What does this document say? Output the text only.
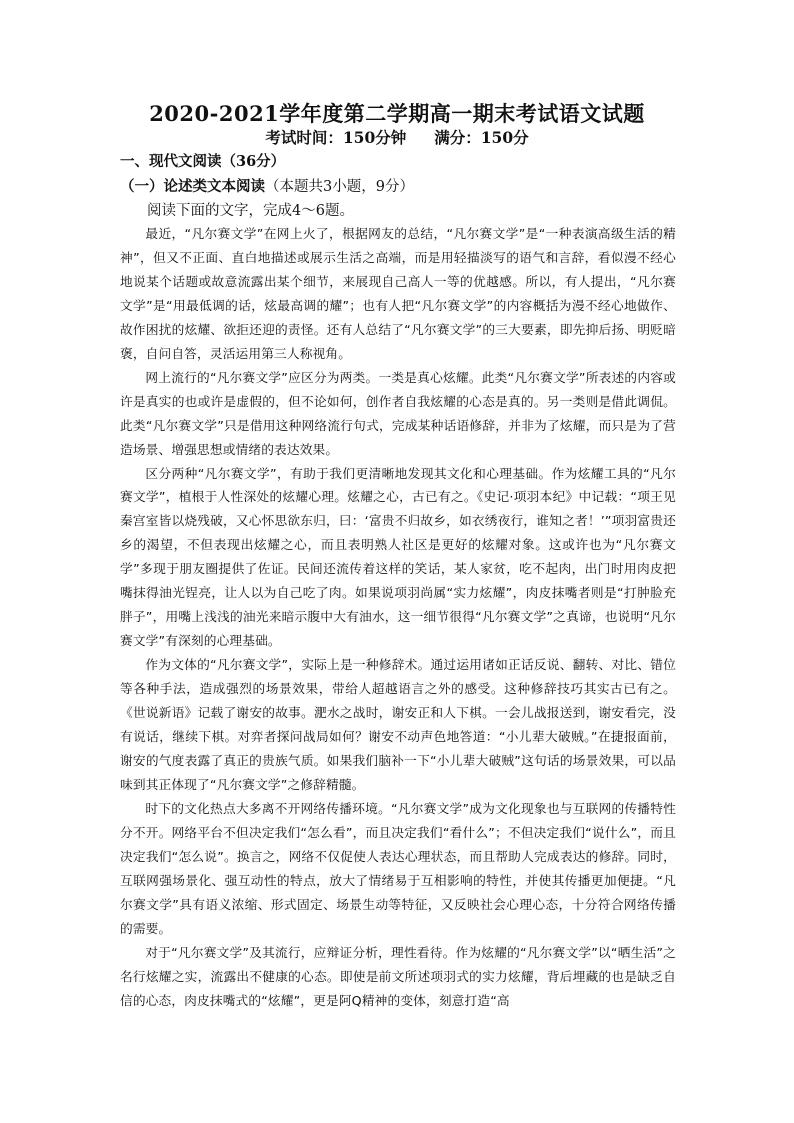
2020-2021学年度第二学期高一期末考试语文试题
考试时间：150分钟 满分：150分
一、现代文阅读（36分）
（一）论述类文本阅读（本题共3小题，9分）
阅读下面的文字，完成4～6题。

最近，“凡尔赛文学”在网上火了，根据网友的总结，“凡尔赛文学”是“一种表演高级生活的精神”，但又不正面、直白地描述或展示生活之高端，而是用轻描淡写的语气和言辞，看似漫不经心地说某个话题或故意流露出某个细节，来展现自己高人一等的优越感。所以，有人提出，“凡尔赛文学”是“用最低调的话，炫最高调的耀”；也有人把“凡尔赛文学”的内容概括为漫不经心地做作、故作困扰的炫耀、欲拒还迎的责怪。还有人总结了“凡尔赛文学”的三大要素，即先抑后扬、明贬暗褒，自问自答，灵活运用第三人称视角。

网上流行的“凡尔赛文学”应区分为两类。一类是真心炫耀。此类“凡尔赛文学”所表述的内容或许是真实的也或许是虚假的，但不论如何，创作者自我炫耀的心态是真的。另一类则是借此调侃。此类“凡尔赛文学”只是借用这种网络流行句式，完成某种话语修辞，并非为了炫耀，而只是为了营造场景、增强思想或情绪的表达效果。

区分两种“凡尔赛文学”，有助于我们更清晰地发现其文化和心理基础。作为炫耀工具的“凡尔赛文学”，植根于人性深处的炫耀心理。炫耀之心，古已有之。《史记·项羽本纪》中记载：“项王见秦宫室皆以烧残破，又心怀思欲东归，曰：‘富贵不归故乡，如衣绣夜行，谁知之者！’”项羽富贵还乡的渴望，不但表现出炫耀之心，而且表明熟人社区是更好的炫耀对象。这或许也为“凡尔赛文学”多现于朋友圈提供了佐证。民间还流传着这样的笑话，某人家贫，吃不起肉，出门时用肉皮把嘴抹得油光锃亮，让人以为自己吃了肉。如果说项羽尚属“实力炫耀”，肉皮抹嘴者则是“打肿脸充胖子”，用嘴上浅浅的油光来暗示腹中大有油水，这一细节很得“凡尔赛文学”之真谛，也说明“凡尔赛文学”有深刻的心理基础。

作为文体的“凡尔赛文学”，实际上是一种修辞术。通过运用诸如正话反说、翻转、对比、错位等各种手法，造成强烈的场景效果，带给人超越语言之外的感受。这种修辞技巧其实古已有之。《世说新语》记载了谢安的故事。淝水之战时，谢安正和人下棋。一会儿战报送到，谢安看完，没有说话，继续下棋。对弈者探问战局如何？谢安不动声色地答道：“小儿辈大破贼。”在捷报面前，谢安的气度表露了真正的贵族气质。如果我们脑补一下“小儿辈大破贼”这句话的场景效果，可以品味到其正体现了“凡尔赛文学”之修辞精髓。

时下的文化热点大多离不开网络传播环境。“凡尔赛文学”成为文化现象也与互联网的传播特性分不开。网络平台不但决定我们“怎么看”，而且决定我们“看什么”；不但决定我们“说什么”，而且决定我们“怎么说”。换言之，网络不仅促使人表达心理状态，而且帮助人完成表达的修辞。同时，互联网强场景化、强互动性的特点，放大了情绪易于互相影响的特性，并使其传播更加便捷。“凡尔赛文学”具有语义浓缩、形式固定、场景生动等特征，又反映社会心理心态，十分符合网络传播的需要。

对于“凡尔赛文学”及其流行，应辩证分析，理性看待。作为炫耀的“凡尔赛文学”以“晒生活”之名行炫耀之实，流露出不健康的心态。即使是前文所述项羽式的实力炫耀，背后埋藏的也是缺乏自信的心态，肉皮抹嘴式的“炫耀”，更是阿Q精神的变体，刻意打造“高
